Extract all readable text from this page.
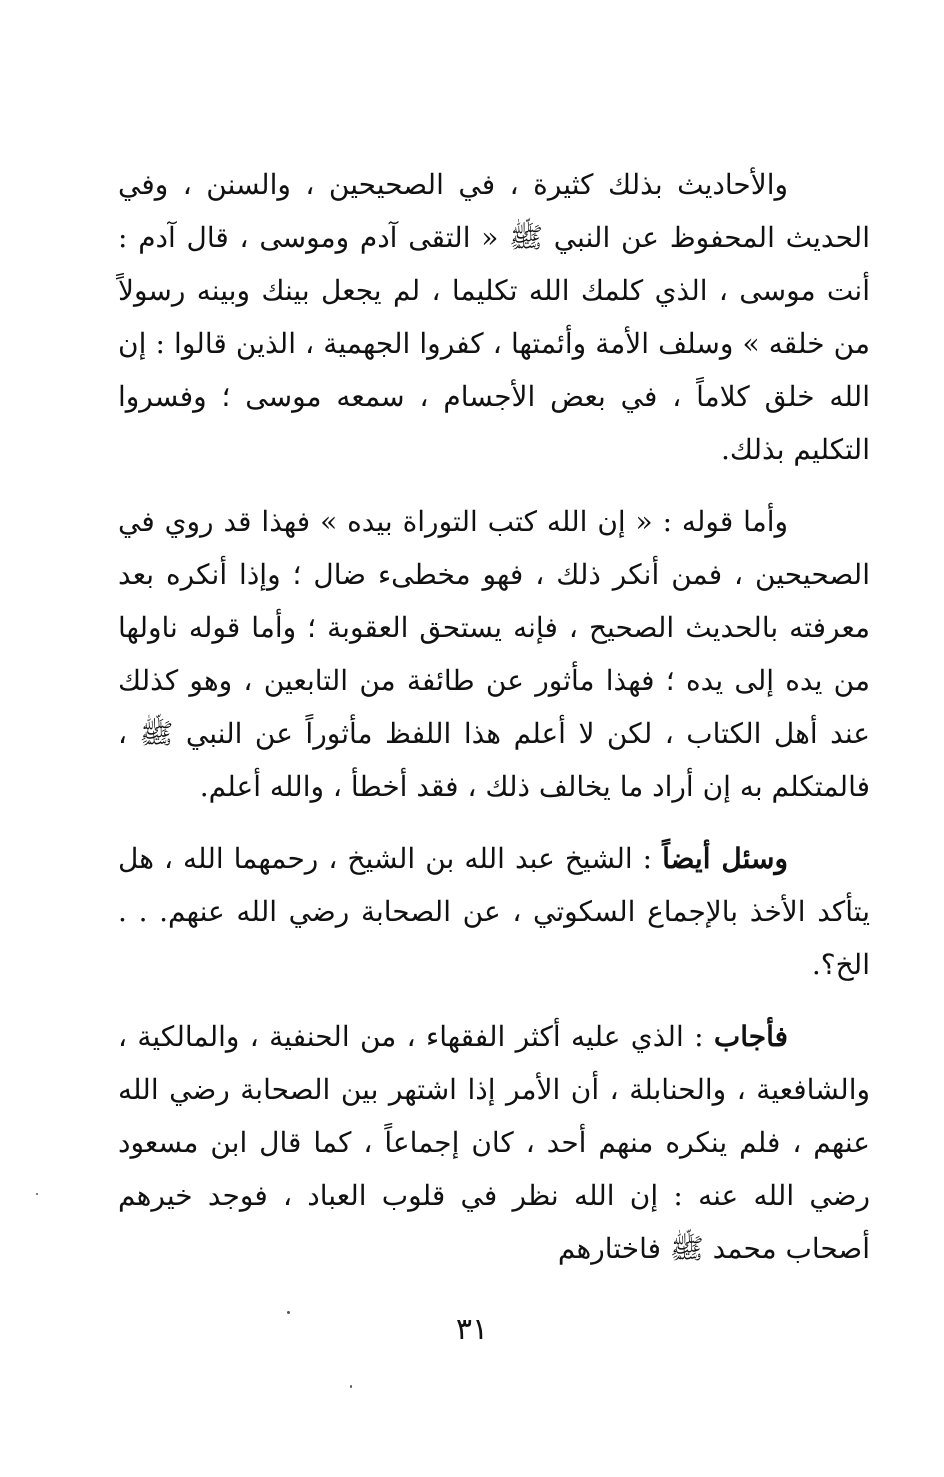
والأحاديث بذلك كثيرة ، في الصحيحين ، والسنن ، وفي الحديث المحفوظ عن النبي ﷺ « التقى آدم وموسى ، قال آدم : أنت موسى ، الذي كلمك الله تكليما ، لم يجعل بينك وبينه رسولاً من خلقه » وسلف الأمة وأئمتها ، كفروا الجهمية ، الذين قالوا : إن الله خلق كلاماً ، في بعض الأجسام ، سمعه موسى ؛ وفسروا التكليم بذلك.

وأما قوله : « إن الله كتب التوراة بيده » فهذا قد روي في الصحيحين ، فمن أنكر ذلك ، فهو مخطىء ضال ؛ وإذا أنكره بعد معرفته بالحديث الصحيح ، فإنه يستحق العقوبة ؛ وأما قوله ناولها من يده إلى يده ؛ فهذا مأثور عن طائفة من التابعين ، وهو كذلك عند أهل الكتاب ، لكن لا أعلم هذا اللفظ مأثوراً عن النبي ﷺ ، فالمتكلم به إن أراد ما يخالف ذلك ، فقد أخطأ ، والله أعلم.

وسئل أيضاً : الشيخ عبد الله بن الشيخ ، رحمهما الله ، هل يتأكد الأخذ بالإجماع السكوتي ، عن الصحابة رضي الله عنهم. . . الخ؟.

فأجاب : الذي عليه أكثر الفقهاء ، من الحنفية ، والمالكية ، والشافعية ، والحنابلة ، أن الأمر إذا اشتهر بين الصحابة رضي الله عنهم ، فلم ينكره منهم أحد ، كان إجماعاً ، كما قال ابن مسعود رضي الله عنه : إن الله نظر في قلوب العباد ، فوجد خيرهم أصحاب محمد ﷺ فاختارهم

٣١
